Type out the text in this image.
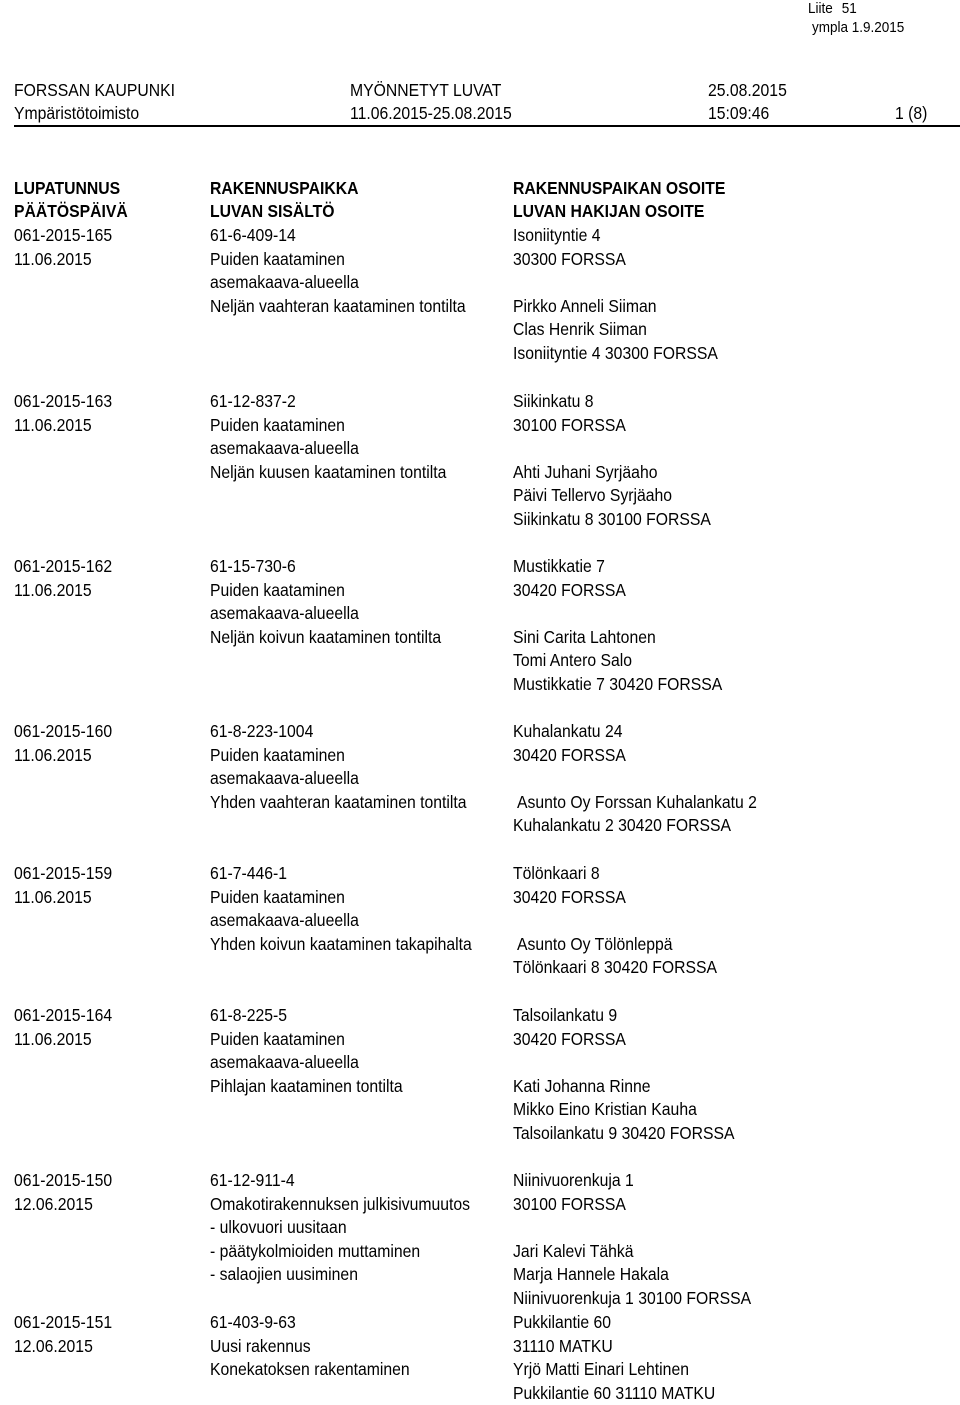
Liite 51
ympla 1.9.2015
FORSSAN KAUPUNKI
Ympäristötoimisto
MYÖNNETYT LUVAT
11.06.2015-25.08.2015
25.08.2015
15:09:46	1 (8)
LUPATUNNUS
PÄÄTÖSPÄIVÄ
RAKENNUSPAIKKA
LUVAN SISÄLTÖ
RAKENNUSPAIKAN OSOITE
LUVAN HAKIJAN OSOITE
061-2015-165
11.06.2015
61-6-409-14
Puiden kaataminen
asemakaava-alueella
Neljän vaahteran kaataminen tontilta
Isoniityntie 4
30300 FORSSA
Pirkko Anneli Siiman
Clas Henrik Siiman
Isoniityntie 4 30300 FORSSA
061-2015-163
11.06.2015
61-12-837-2
Puiden kaataminen
asemakaava-alueella
Neljän kuusen kaataminen tontilta
Siikinkatu 8
30100 FORSSA
Ahti Juhani Syrjäaho
Päivi Tellervo Syrjäaho
Siikinkatu 8 30100 FORSSA
061-2015-162
11.06.2015
61-15-730-6
Puiden kaataminen
asemakaava-alueella
Neljän koivun kaataminen tontilta
Mustikkatie 7
30420 FORSSA
Sini Carita Lahtonen
Tomi Antero Salo
Mustikkatie 7 30420 FORSSA
061-2015-160
11.06.2015
61-8-223-1004
Puiden kaataminen
asemakaava-alueella
Yhden vaahteran kaataminen tontilta
Kuhalankatu 24
30420 FORSSA
Asunto Oy Forssan Kuhalankatu 2
Kuhalankatu 2 30420 FORSSA
061-2015-159
11.06.2015
61-7-446-1
Puiden kaataminen
asemakaava-alueella
Yhden koivun kaataminen takapihalta
Tölönkaari 8
30420 FORSSA
Asunto Oy Tölönleppä
Tölönkaari 8 30420 FORSSA
061-2015-164
11.06.2015
61-8-225-5
Puiden kaataminen
asemakaava-alueella
Pihlajan kaataminen tontilta
Talsoilankatu 9
30420 FORSSA
Kati Johanna Rinne
Mikko Eino Kristian Kauha
Talsoilankatu 9 30420 FORSSA
061-2015-150
12.06.2015
61-12-911-4
Omakotirakennuksen julkisivumuutos
- ulkovuori uusitaan
- päätykolmioiden muttaminen
- salaojien uusiminen
Niinivuorenkuja 1
30100 FORSSA
Jari Kalevi Tähkä
Marja Hannele Hakala
Niinivuorenkuja 1 30100 FORSSA
061-2015-151
12.06.2015
61-403-9-63
Uusi rakennus
Konekatoksen rakentaminen
Pukkilantie 60
31110 MATKU
Yrjö Matti Einari Lehtinen
Pukkilantie 60 31110 MATKU
